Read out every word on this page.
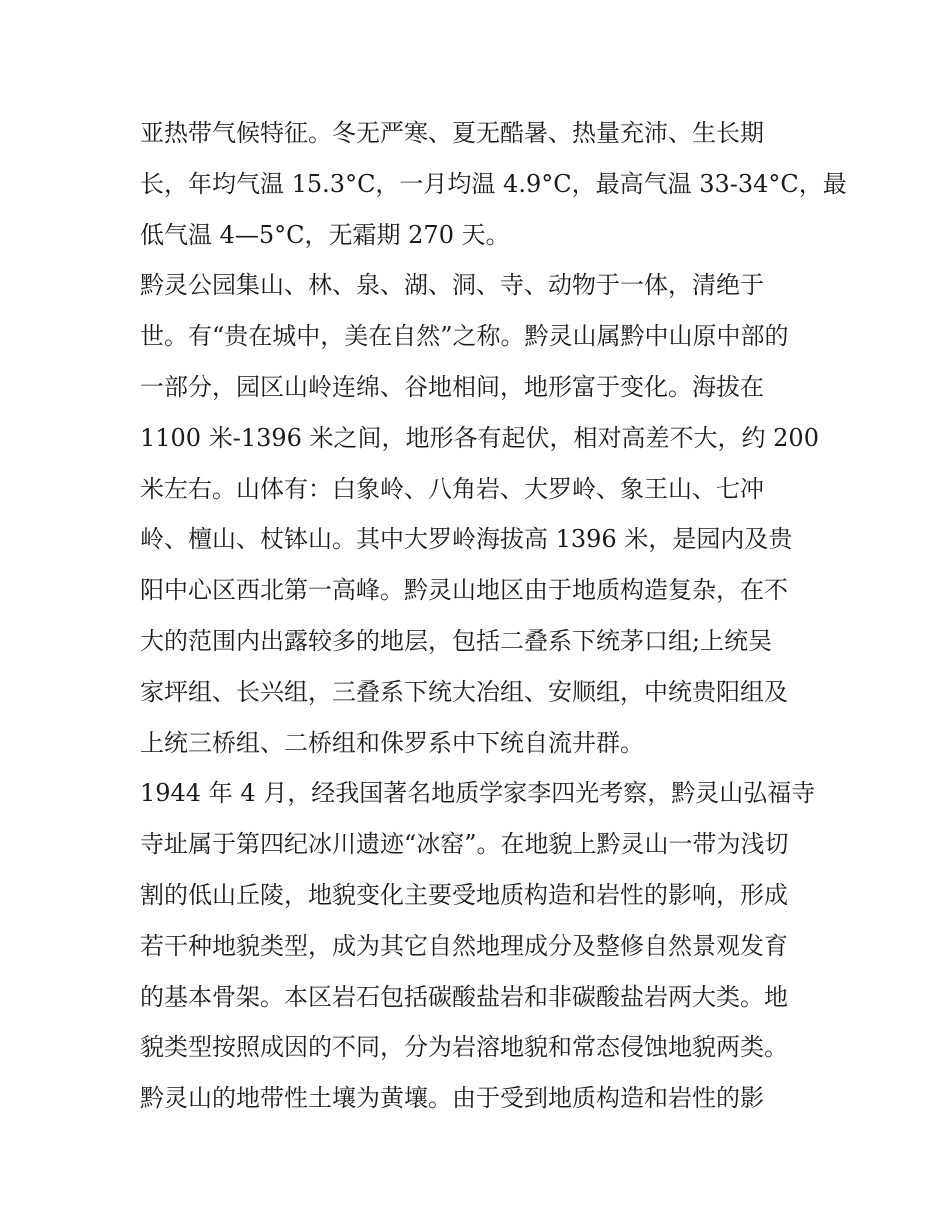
亚热带气候特征。冬无严寒、夏无酷暑、热量充沛、生长期
长，年均气温 15.3°C，一月均温 4.9°C，最高气温 33-34°C，最
低气温 4—5°C，无霜期 270 天。
黔灵公园集山、林、泉、湖、洞、寺、动物于一体，清绝于
世。有“贵在城中，美在自然”之称。黔灵山属黔中山原中部的
一部分，园区山岭连绵、谷地相间，地形富于变化。海拔在
1100 米-1396 米之间，地形各有起伏，相对高差不大，约 200
米左右。山体有：白象岭、八角岩、大罗岭、象王山、七冲
岭、檀山、杖钵山。其中大罗岭海拔高 1396 米，是园内及贵
阳中心区西北第一高峰。黔灵山地区由于地质构造复杂，在不
大的范围内出露较多的地层，包括二叠系下统茅口组;上统吴
家坪组、长兴组，三叠系下统大冶组、安顺组，中统贵阳组及
上统三桥组、二桥组和侏罗系中下统自流井群。
1944 年 4 月，经我国著名地质学家李四光考察，黔灵山弘福寺
寺址属于第四纪冰川遗迹“冰窑”。在地貌上黔灵山一带为浅切
割的低山丘陵，地貌变化主要受地质构造和岩性的影响，形成
若干种地貌类型，成为其它自然地理成分及整修自然景观发育
的基本骨架。本区岩石包括碳酸盐岩和非碳酸盐岩两大类。地
貌类型按照成因的不同，分为岩溶地貌和常态侵蚀地貌两类。
黔灵山的地带性土壤为黄壤。由于受到地质构造和岩性的影
